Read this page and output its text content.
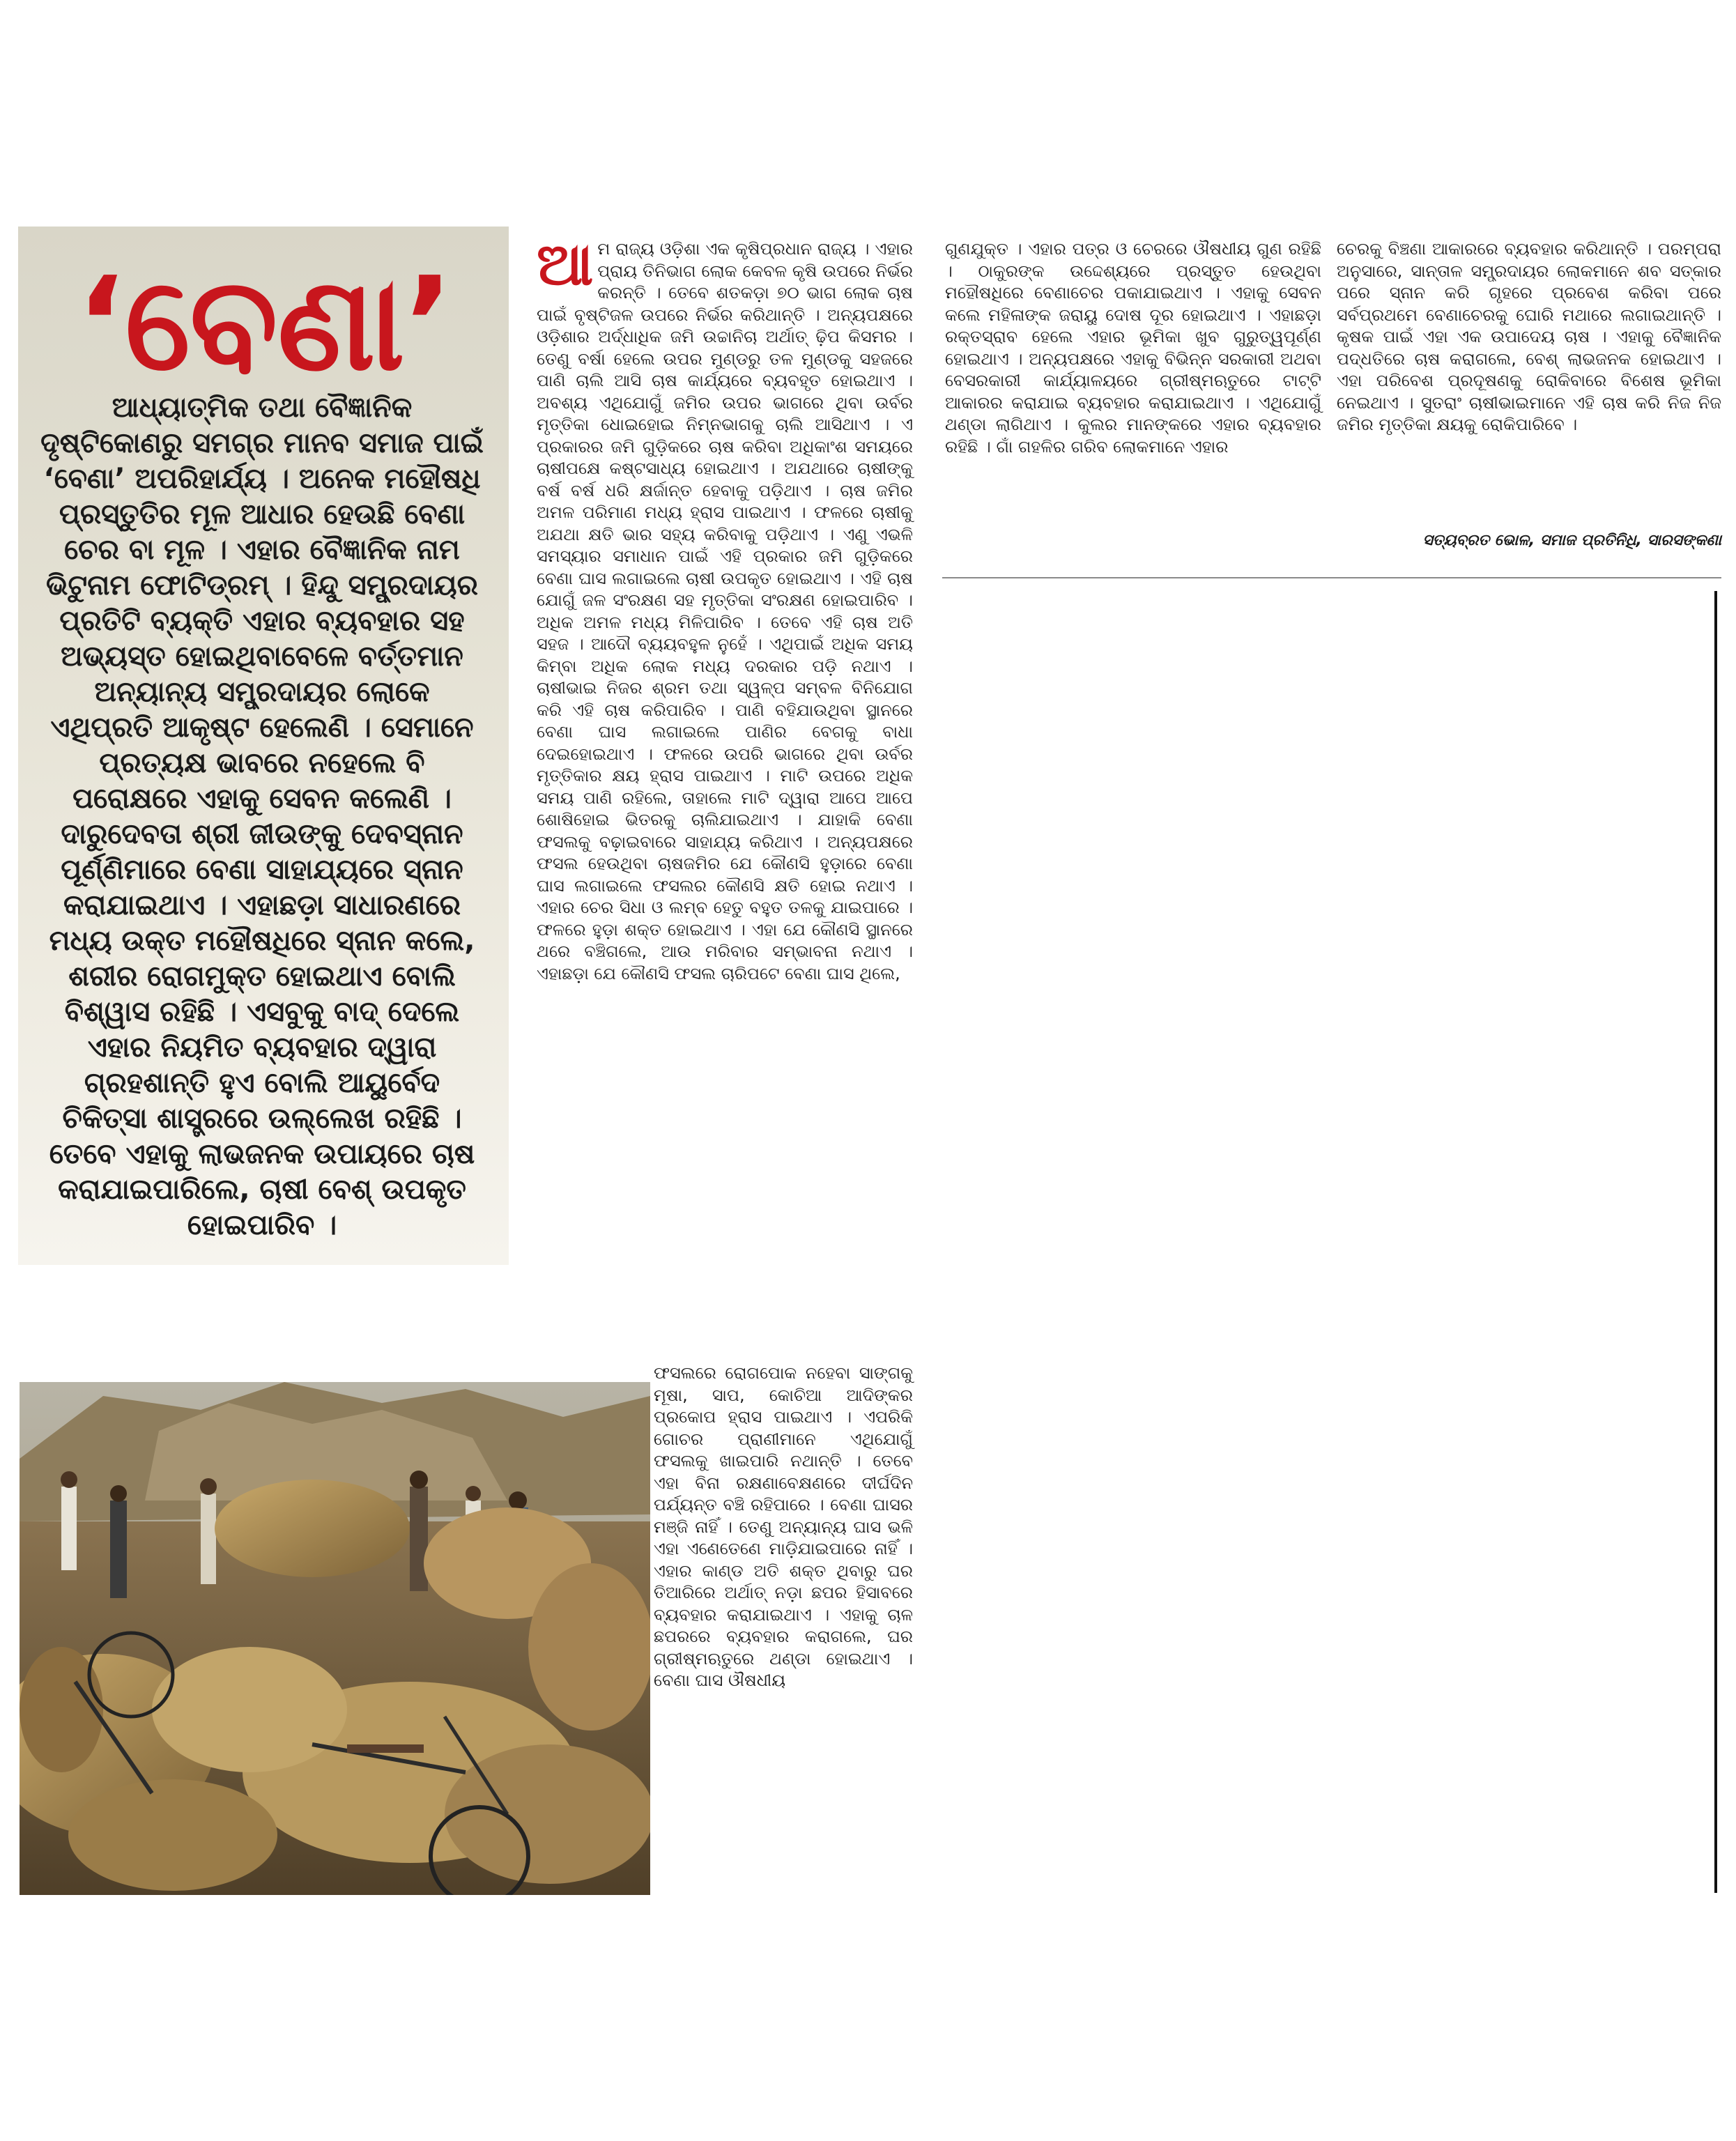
‘ବେଣା’

ଆଧ୍ୟାତ୍ମିକ ତଥା ବୈଜ୍ଞାନିକ ଦୃଷ୍ଟିକୋଣରୁ ସମଗ୍ର ମାନବ ସମାଜ ପାଇଁ ‘ବେଣା’ ଅପରିହାର୍ଯ୍ୟ । ଅନେକ ମହୌଷଧି ପ୍ରସ୍ତୁତିର ମୂଳ ଆଧାର ହେଉଛି ବେଣା ଚେର ବା ମୂଳ । ଏହାର ବୈଜ୍ଞାନିକ ନାମ ଭିଟୁନାମ ଫୋଟିଡ୍ରମ୍ । ହିନ୍ଦୁ ସମ୍ପ୍ରଦାୟର ପ୍ରତିଟି ବ୍ୟକ୍ତି ଏହାର ବ୍ୟବହାର ସହ ଅଭ୍ୟସ୍ତ ହୋଇଥିବାବେଳେ ବର୍ତ୍ତମାନ ଅନ୍ୟାନ୍ୟ ସମ୍ପ୍ରଦାୟର ଲୋକେ ଏଥିପ୍ରତି ଆକୃଷ୍ଟ ହେଲେଣି । ସେମାନେ ପ୍ରତ୍ୟକ୍ଷ ଭାବରେ ନହେଲେ ବି ପରୋକ୍ଷରେ ଏହାକୁ ସେବନ କଲେଣି । ଦାରୁଦେବତା ଶ୍ରୀ ଜୀଉଙ୍କୁ ଦେବସ୍ନାନ ପୂର୍ଣ୍ଣିମାରେ ବେଣା ସାହାଯ୍ୟରେ ସ୍ନାନ କରାଯାଇଥାଏ । ଏହାଛଡ଼ା ସାଧାରଣରେ ମଧ୍ୟ ଉକ୍ତ ମହୌଷଧିରେ ସ୍ନାନ କଲେ, ଶରୀର ରୋଗମୁକ୍ତ ହୋଇଥାଏ ବୋଲି ବିଶ୍ୱାସ ରହିଛି । ଏସବୁକୁ ବାଦ୍ ଦେଲେ ଏହାର ନିୟମିତ ବ୍ୟବହାର ଦ୍ୱାରା ଗ୍ରହଶାନ୍ତି ହୁଏ ବୋଲି ଆୟୁର୍ବେଦ ଚିକିତ୍ସା ଶାସ୍ତ୍ରରେ ଉଲ୍ଲେଖ ରହିଛି । ତେବେ ଏହାକୁ ଲାଭଜନକ ଉପାୟରେ ଚାଷ କରାଯାଇପାରିଲେ, ଚାଷୀ ବେଶ୍ ଉପକୃତ ହୋଇପାରିବ ।

ଆମ ରାଜ୍ୟ ଓଡ଼ିଶା ଏକ କୃଷିପ୍ରଧାନ ରାଜ୍ୟ । ଏହାର ପ୍ରାୟ ତିନିଭାଗ ଲୋକ କେବଳ କୃଷି ଉପରେ ନିର୍ଭର କରନ୍ତି । ତେବେ ଶତକଡ଼ା ୭୦ ଭାଗ ଲୋକ ଚାଷ ପାଇଁ ବୃଷ୍ଟିଜଳ ଉପରେ ନିର୍ଭର କରିଥାନ୍ତି । ଅନ୍ୟପକ୍ଷରେ ଓଡ଼ିଶାର ଅର୍ଦ୍ଧାଧିକ ଜମି ଉଚ୍ଚାନିଚା ଅର୍ଥାତ୍ ଢ଼ିପ କିସମର । ତେଣୁ ବର୍ଷା ହେଲେ ଉପର ମୁଣ୍ଡରୁ ତଳ ମୁଣ୍ଡକୁ ସହଜରେ ପାଣି ଚାଲି ଆସି ଚାଷ କାର୍ଯ୍ୟରେ ବ୍ୟବହୃତ ହୋଇଥାଏ । ଅବଶ୍ୟ ଏଥିଯୋଗୁଁ ଜମିର ଉପର ଭାଗରେ ଥିବା ଉର୍ବର ମୃତ୍ତିକା ଧୋଇହୋଇ ନିମ୍ନଭାଗକୁ ଚାଲି ଆସିଥାଏ । ଏ ପ୍ରକାରର ଜମି ଗୁଡ଼ିକରେ ଚାଷ କରିବା ଅଧିକାଂଶ ସମୟରେ ଚାଷୀପକ୍ଷେ କଷ୍ଟସାଧ୍ୟ ହୋଇଥାଏ । ଅଯଥାରେ ଚାଷୀଙ୍କୁ ବର୍ଷ ବର୍ଷ ଧରି କ୍ଷର୍ଜାନ୍ତ ହେବାକୁ ପଡ଼ିଥାଏ । ଚାଷ ଜମିର ଅମଳ ପରିମାଣ ମଧ୍ୟ ହ୍ରାସ ପାଇଥାଏ । ଫଳରେ ଚାଷୀକୁ ଅଯଥା କ୍ଷତି ଭାର ସହ୍ୟ କରିବାକୁ ପଡ଼ିଥାଏ । ଏଣୁ ଏଭଳି ସମସ୍ୟାର ସମାଧାନ ପାଇଁ ଏହି ପ୍ରକାର ଜମି ଗୁଡ଼ିକରେ ବେଣା ଘାସ ଲଗାଇଲେ ଚାଷୀ ଉପକୃତ ହୋଇଥାଏ । ଏହି ଚାଷ ଯୋଗୁଁ ଜଳ ସଂରକ୍ଷଣ ସହ ମୃତ୍ତିକା ସଂରକ୍ଷଣ ହୋଇପାରିବ । ଅଧିକ ଅମଳ ମଧ୍ୟ ମିଳିପାରିବ । ତେବେ ଏହି ଚାଷ ଅତି ସହଜ । ଆଦୌ ବ୍ୟୟବହୁଳ ନୁହେଁ । ଏଥିପାଇଁ ଅଧିକ ସମୟ କିମ୍ବା ଅଧିକ ଲୋକ ମଧ୍ୟ ଦରକାର ପଡ଼ି ନଥାଏ । ଚାଷୀଭାଇ ନିଜର ଶ୍ରମ ତଥା ସ୍ୱଳ୍ପ ସମ୍ବଳ ବିନିଯୋଗ କରି ଏହି ଚାଷ କରିପାରିବ । ପାଣି ବହିଯାଉଥିବା ସ୍ଥାନରେ ବେଣା ଘାସ ଲଗାଇଲେ ପାଣିର ବେଗକୁ ବାଧା ଦେଇହୋଇଥାଏ । ଫଳରେ ଉପରି ଭାଗରେ ଥିବା ଉର୍ବର ମୃତ୍ତିକାର କ୍ଷୟ ହ୍ରାସ ପାଇଥାଏ । ମାଟି ଉପରେ ଅଧିକ ସମୟ ପାଣି ରହିଲେ, ତାହାଲେ ମାଟି ଦ୍ୱାରା ଆପେ ଆପେ ଶୋଷିହୋଇ ଭିତରକୁ ଚାଲିଯାଇଥାଏ । ଯାହାକି ବେଣା ଫସଲକୁ ବଢ଼ାଇବାରେ ସାହାଯ୍ୟ କରିଥାଏ । ଅନ୍ୟପକ୍ଷରେ ଫସଲ ହେଉଥିବା ଚାଷଜମିର ଯେ କୌଣସି ହୁଡ଼ାରେ ବେଣା ଘାସ ଲଗାଇଲେ ଫସଲର କୌଣସି କ୍ଷତି ହୋଇ ନଥାଏ । ଏହାର ଚେର ସିଧା ଓ ଲମ୍ବ ହେତୁ ବହୁତ ତଳକୁ ଯାଇପାରେ । ଫଳରେ ହୁଡ଼ା ଶକ୍ତ ହୋଇଥାଏ । ଏହା ଯେ କୌଣସି ସ୍ଥାନରେ ଥରେ ବଞ୍ଚିଗଲେ, ଆଉ ମରିବାର ସମ୍ଭାବନା ନଥାଏ । ଏହାଛଡ଼ା ଯେ କୌଣସି ଫସଲ ଚାରିପଟେ ବେଣା ଘାସ ଥିଲେ,

ଫସଲରେ ରୋଗପୋକ ନହେବା ସାଙ୍ଗକୁ ମୂଷା, ସାପ, କୋଚିଆ ଆଦିଙ୍କର ପ୍ରକୋପ ହ୍ରାସ ପାଇଥାଏ । ଏପରିକି ଗୋଚର ପ୍ରାଣୀମାନେ ଏଥିଯୋଗୁଁ ଫସଲକୁ ଖାଇପାରି ନଥାନ୍ତି । ତେବେ ଏହା ବିନା ରକ୍ଷଣାବେକ୍ଷଣରେ ଦୀର୍ଘଦିନ ପର୍ଯ୍ୟନ୍ତ ବଞ୍ଚି ରହିପାରେ । ବେଣା ଘାସର ମଞ୍ଜି ନାହିଁ । ତେଣୁ ଅନ୍ୟାନ୍ୟ ଘାସ ଭଳି ଏହା ଏଣେତେଣେ ମାଡ଼ିଯାଇପାରେ ନାହିଁ । ଏହାର କାଣ୍ଡ ଅତି ଶକ୍ତ ଥିବାରୁ ଘର ତିଆରିରେ ଅର୍ଥାତ୍ ନଡ଼ା ଛପର ହିସାବରେ ବ୍ୟବହାର କରାଯାଇଥାଏ । ଏହାକୁ ଚାଳ ଛପରରେ ବ୍ୟବହାର କରାଗଲେ, ଘର ଗ୍ରୀଷ୍ମଋତୁରେ ଥଣ୍ଡା ହୋଇଥାଏ । ବେଣା ଘାସ ଔଷଧୀୟ

ଗୁଣଯୁକ୍ତ । ଏହାର ପତ୍ର ଓ ଚେରରେ ଔଷଧୀୟ ଗୁଣ ରହିଛି । ଠାକୁରଙ୍କ ଉଦ୍ଦେଶ୍ୟରେ ପ୍ରସ୍ତୁତ ହେଉଥିବା ମହୌଷଧିରେ ବେଣାଚେର ପକାଯାଇଥାଏ । ଏହାକୁ ସେବନ କଲେ ମହିଳାଙ୍କ ଜରାୟୁ ଦୋଷ ଦୂର ହୋଇଥାଏ । ଏହାଛଡ଼ା ରକ୍ତସ୍ରାବ ହେଲେ ଏହାର ଭୂମିକା ଖୁବ ଗୁରୁତ୍ୱପୂର୍ଣ୍ଣ ହୋଇଥାଏ । ଅନ୍ୟପକ୍ଷରେ ଏହାକୁ ବିଭିନ୍ନ ସରକାରୀ ଅଥବା ବେସରକାରୀ କାର୍ଯ୍ୟାଳୟରେ ଗ୍ରୀଷ୍ମଋତୁରେ ଟାଟ୍ଟି ଆକାରର କରାଯାଇ ବ୍ୟବହାର କରାଯାଇଥାଏ । ଏଥିଯୋଗୁଁ ଥଣ୍ଡା ଲାଗିଥାଏ । କୁଲର ମାନଙ୍କରେ ଏହାର ବ୍ୟବହାର ରହିଛି । ଗାଁ ଗହଳିର ଗରିବ ଲୋକମାନେ ଏହାର

ଚେରକୁ ବିଞ୍ଚଣା ଆକାରରେ ବ୍ୟବହାର କରିଥାନ୍ତି । ପରମ୍ପରା ଅନୁସାରେ, ସାନ୍ତାଳ ସମ୍ପ୍ରଦାୟର ଲୋକମାନେ ଶବ ସତ୍କାର ପରେ ସ୍ନାନ କରି ଗୃହରେ ପ୍ରବେଶ କରିବା ପରେ ସର୍ବପ୍ରଥମେ ବେଣାଚେରକୁ ଘୋରି ମଥାରେ ଲଗାଇଥାନ୍ତି । କୃଷକ ପାଇଁ ଏହା ଏକ ଉପାଦେୟ ଚାଷ । ଏହାକୁ ବୈଜ୍ଞାନିକ ପଦ୍ଧତିରେ ଚାଷ କରାଗଲେ, ବେଶ୍ ଲାଭଜନକ ହୋଇଥାଏ । ଏହା ପରିବେଶ ପ୍ରଦୂଷଣକୁ ରୋକିବାରେ ବିଶେଷ ଭୂମିକା ନେଇଥାଏ । ସୁତରାଂ ଚାଷୀଭାଇମାନେ ଏହି ଚାଷ କରି ନିଜ ନିଜ ଜମିର ମୃତ୍ତିକା କ୍ଷୟକୁ ରୋକିପାରିବେ ।

ସତ୍ୟବ୍ରତ ଭୋଳ, ସମାଜ ପ୍ରତିନିଧି, ସାରସଙ୍କଣା
